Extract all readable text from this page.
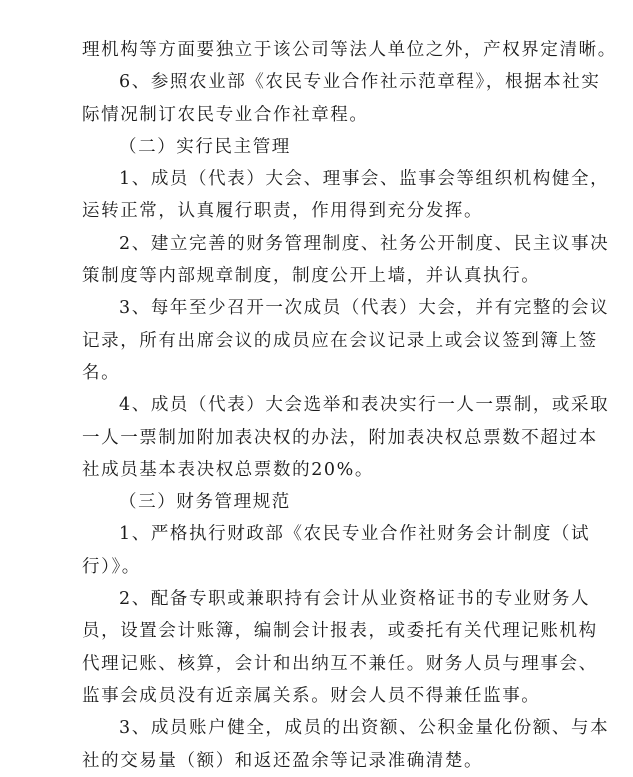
理机构等方面要独立于该公司等法人单位之外，产权界定清晰。
6、参照农业部《农民专业合作社示范章程》，根据本社实
际情况制订农民专业合作社章程。
（二）实行民主管理
1、成员（代表）大会、理事会、监事会等组织机构健全，
运转正常，认真履行职责，作用得到充分发挥。
2、建立完善的财务管理制度、社务公开制度、民主议事决
策制度等内部规章制度，制度公开上墙，并认真执行。
3、每年至少召开一次成员（代表）大会，并有完整的会议
记录，所有出席会议的成员应在会议记录上或会议签到簿上签
名。
4、成员（代表）大会选举和表决实行一人一票制，或采取
一人一票制加附加表决权的办法，附加表决权总票数不超过本
社成员基本表决权总票数的20%。
（三）财务管理规范
1、严格执行财政部《农民专业合作社财务会计制度（试
行）》。
2、配备专职或兼职持有会计从业资格证书的专业财务人
员，设置会计账簿，编制会计报表，或委托有关代理记账机构
代理记账、核算，会计和出纳互不兼任。财务人员与理事会、
监事会成员没有近亲属关系。财会人员不得兼任监事。
3、成员账户健全，成员的出资额、公积金量化份额、与本
社的交易量（额）和返还盈余等记录准确清楚。
